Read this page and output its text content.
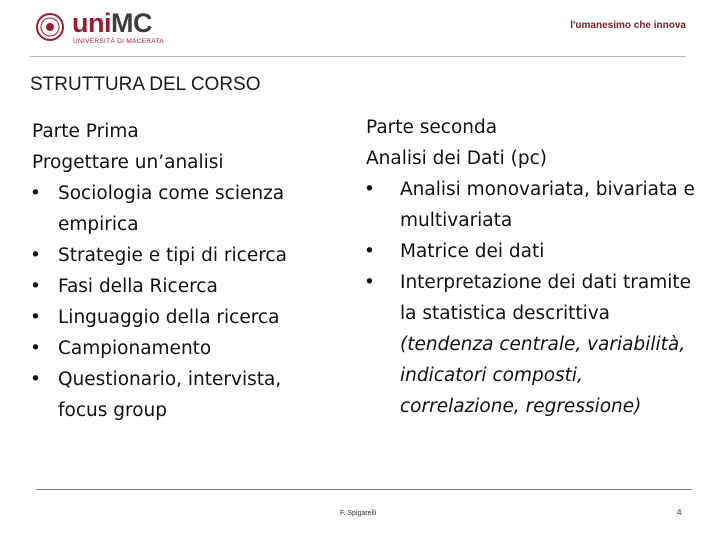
uniMC
UNIVERSITÀ DI MACERATA
l'umanesimo che innova
STRUTTURA DEL CORSO
Parte Prima
Progettare un’analisi
• Sociologia come scienza empirica
• Strategie e tipi di ricerca
• Fasi della Ricerca
• Linguaggio della ricerca
• Campionamento
• Questionario, intervista, focus group
Parte seconda
Analisi dei Dati (pc)
• Analisi monovariata, bivariata e multivariata
• Matrice dei dati
• Interpretazione dei dati tramite la statistica descrittiva (tendenza centrale, variabilità, indicatori composti, correlazione, regressione)
F. Spigarelli	4
